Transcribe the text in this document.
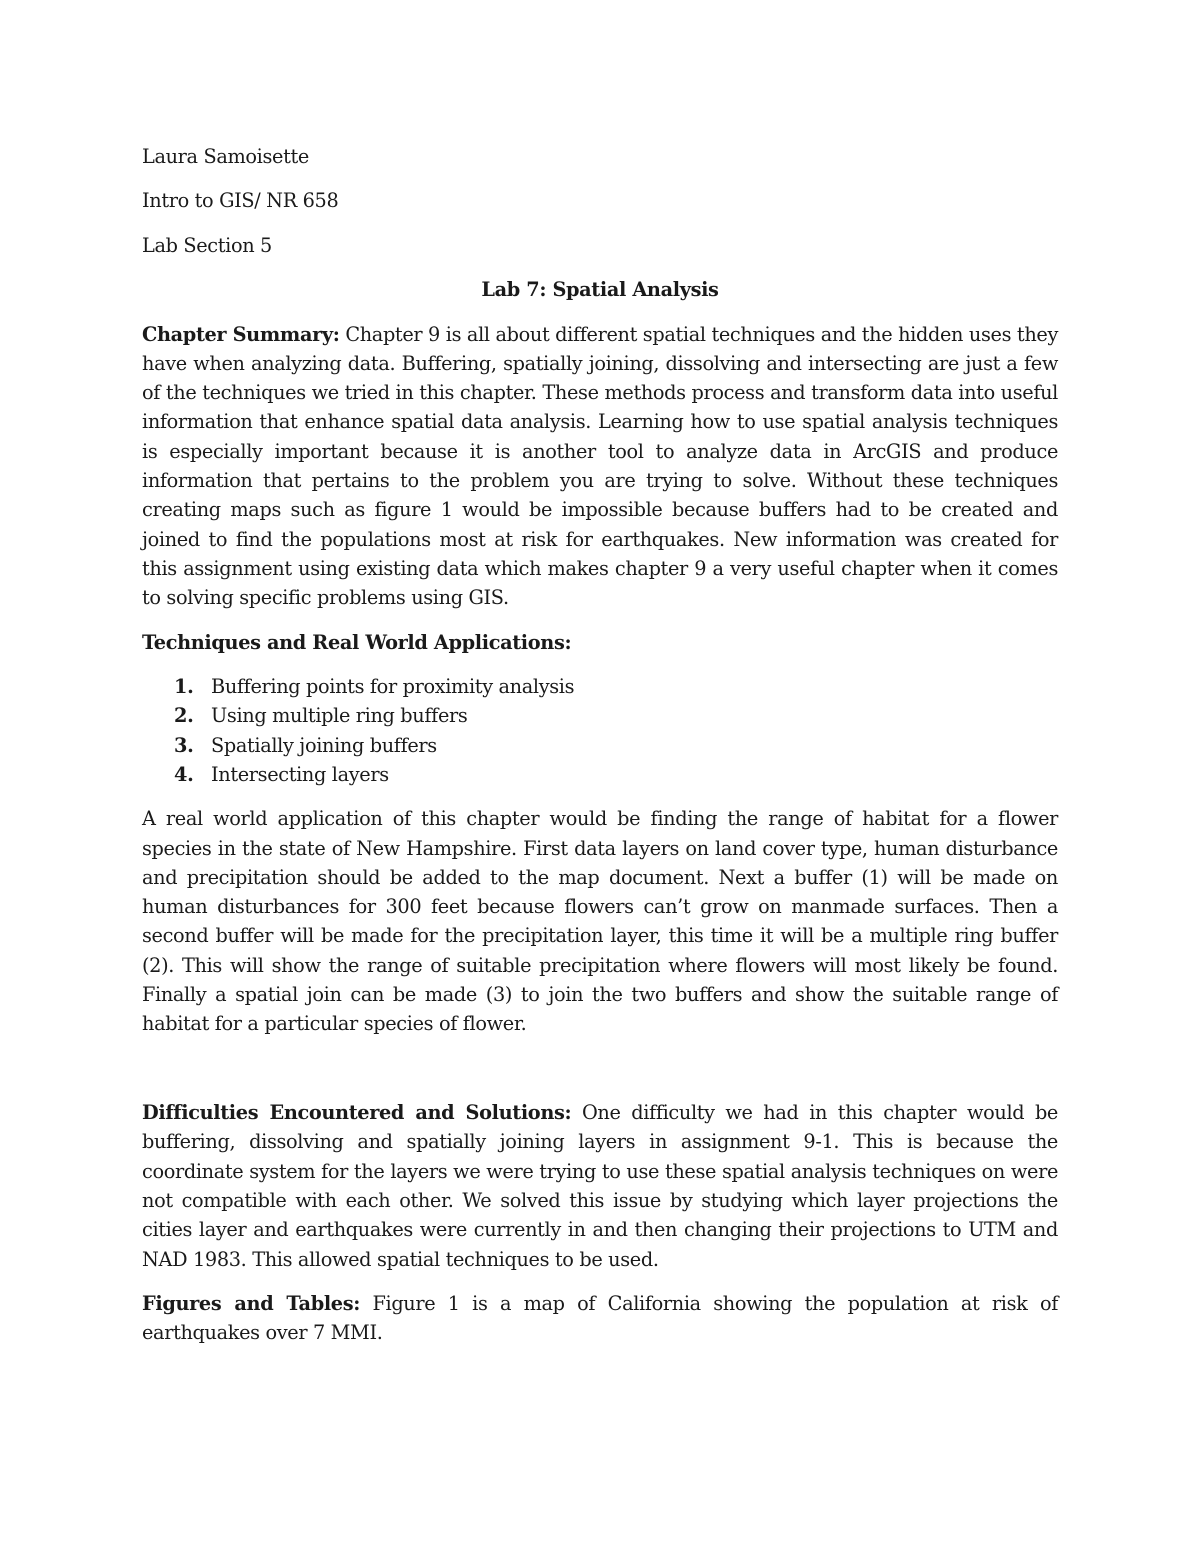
Laura Samoisette

Intro to GIS/ NR 658

Lab Section 5

Lab 7: Spatial Analysis

Chapter Summary: Chapter 9 is all about different spatial techniques and the hidden uses they have when analyzing data. Buffering, spatially joining, dissolving and intersecting are just a few of the techniques we tried in this chapter. These methods process and transform data into useful information that enhance spatial data analysis. Learning how to use spatial analysis techniques is especially important because it is another tool to analyze data in ArcGIS and produce information that pertains to the problem you are trying to solve. Without these techniques creating maps such as figure 1 would be impossible because buffers had to be created and joined to find the populations most at risk for earthquakes. New information was created for this assignment using existing data which makes chapter 9 a very useful chapter when it comes to solving specific problems using GIS.

Techniques and Real World Applications:

1. Buffering points for proximity analysis
2. Using multiple ring buffers
3. Spatially joining buffers
4. Intersecting layers

A real world application of this chapter would be finding the range of habitat for a flower species in the state of New Hampshire. First data layers on land cover type, human disturbance and precipitation should be added to the map document. Next a buffer (1) will be made on human disturbances for 300 feet because flowers can’t grow on manmade surfaces. Then a second buffer will be made for the precipitation layer, this time it will be a multiple ring buffer (2). This will show the range of suitable precipitation where flowers will most likely be found. Finally a spatial join can be made (3) to join the two buffers and show the suitable range of habitat for a particular species of flower.

Difficulties Encountered and Solutions: One difficulty we had in this chapter would be buffering, dissolving and spatially joining layers in assignment 9-1. This is because the coordinate system for the layers we were trying to use these spatial analysis techniques on were not compatible with each other. We solved this issue by studying which layer projections the cities layer and earthquakes were currently in and then changing their projections to UTM and NAD 1983. This allowed spatial techniques to be used.

Figures and Tables: Figure 1 is a map of California showing the population at risk of earthquakes over 7 MMI.
